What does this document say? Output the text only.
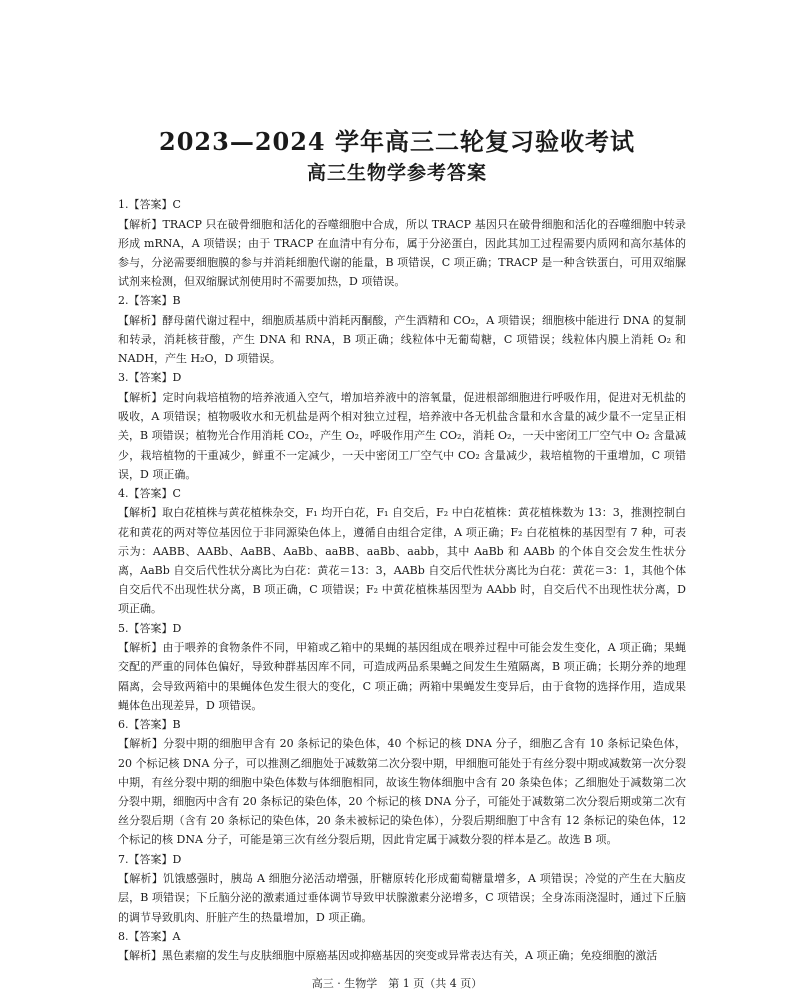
2023—2024 学年高三二轮复习验收考试
高三生物学参考答案
1.【答案】C

【解析】TRACP 只在破骨细胞和活化的吞噬细胞中合成，所以 TRACP 基因只在破骨细胞和活化的吞噬细胞中转录形成 mRNA，A 项错误；由于 TRACP 在血清中有分布，属于分泌蛋白，因此其加工过程需要内质网和高尔基体的参与，分泌需要细胞膜的参与并消耗细胞代谢的能量，B 项错误，C 项正确；TRACP 是一种含铁蛋白，可用双缩脲试剂来检测，但双缩脲试剂使用时不需要加热，D 项错误。

2.【答案】B

【解析】酵母菌代谢过程中，细胞质基质中消耗丙酮酸，产生酒精和 CO₂，A 项错误；细胞核中能进行 DNA 的复制和转录，消耗核苷酸，产生 DNA 和 RNA，B 项正确；线粒体中无葡萄糖，C 项错误；线粒体内膜上消耗 O₂ 和 NADH，产生 H₂O，D 项错误。

3.【答案】D

【解析】定时向栽培植物的培养液通入空气，增加培养液中的溶氧量，促进根部细胞进行呼吸作用，促进对无机盐的吸收，A 项错误；植物吸收水和无机盐是两个相对独立过程，培养液中各无机盐含量和水含量的减少量不一定呈正相关，B 项错误；植物光合作用消耗 CO₂，产生 O₂，呼吸作用产生 CO₂，消耗 O₂，一天中密闭工厂空气中 O₂ 含量减少，栽培植物的干重减少，鲜重不一定减少，一天中密闭工厂空气中 CO₂ 含量减少，栽培植物的干重增加，C 项错误，D 项正确。

4.【答案】C

【解析】取白花植株与黄花植株杂交，F₁ 均开白花，F₁ 自交后，F₂ 中白花植株：黄花植株数为 13：3，推测控制白花和黄花的两对等位基因位于非同源染色体上，遵循自由组合定律，A 项正确；F₂ 白花植株的基因型有 7 种，可表示为：AABB、AABb、AaBB、AaBb、aaBB、aaBb、aabb，其中 AaBb 和 AABb 的个体自交会发生性状分离，AaBb 自交后代性状分离比为白花：黄花＝13：3，AABb 自交后代性状分离比为白花：黄花＝3：1，其他个体自交后代不出现性状分离，B 项正确，C 项错误；F₂ 中黄花植株基因型为 AAbb 时，自交后代不出现性状分离，D 项正确。

5.【答案】D

【解析】由于喂养的食物条件不同，甲箱或乙箱中的果蝇的基因组成在喂养过程中可能会发生变化，A 项正确；果蝇交配的严重的同体色偏好，导致种群基因库不同，可造成两品系果蝇之间发生生殖隔离，B 项正确；长期分养的地理隔离，会导致两箱中的果蝇体色发生很大的变化，C 项正确；两箱中果蝇发生变异后，由于食物的选择作用，造成果蝇体色出现差异，D 项错误。

6.【答案】B

【解析】分裂中期的细胞甲含有 20 条标记的染色体，40 个标记的核 DNA 分子，细胞乙含有 10 条标记染色体，20 个标记核 DNA 分子，可以推测乙细胞处于减数第二次分裂中期，甲细胞可能处于有丝分裂中期或减数第一次分裂中期，有丝分裂中期的细胞中染色体数与体细胞相同，故该生物体细胞中含有 20 条染色体；乙细胞处于减数第二次分裂中期，细胞丙中含有 20 条标记的染色体，20 个标记的核 DNA 分子，可能处于减数第二次分裂后期或第二次有丝分裂后期（含有 20 条标记的染色体，20 条未被标记的染色体），分裂后期细胞丁中含有 12 条标记的染色体，12 个标记的核 DNA 分子，可能是第三次有丝分裂后期，因此肯定属于减数分裂的样本是乙。故选 B 项。

7.【答案】D

【解析】饥饿感强时，胰岛 A 细胞分泌活动增强，肝糖原转化形成葡萄糖量增多，A 项错误；冷觉的产生在大脑皮层，B 项错误；下丘脑分泌的激素通过垂体调节导致甲状腺激素分泌增多，C 项错误；全身冻雨浇湿时，通过下丘脑的调节导致肌肉、肝脏产生的热量增加，D 项正确。

8.【答案】A

【解析】黑色素瘤的发生与皮肤细胞中原癌基因或抑癌基因的突变或异常表达有关，A 项正确；免疫细胞的激活

高三 · 生物学　第 1 页（共 4 页）
